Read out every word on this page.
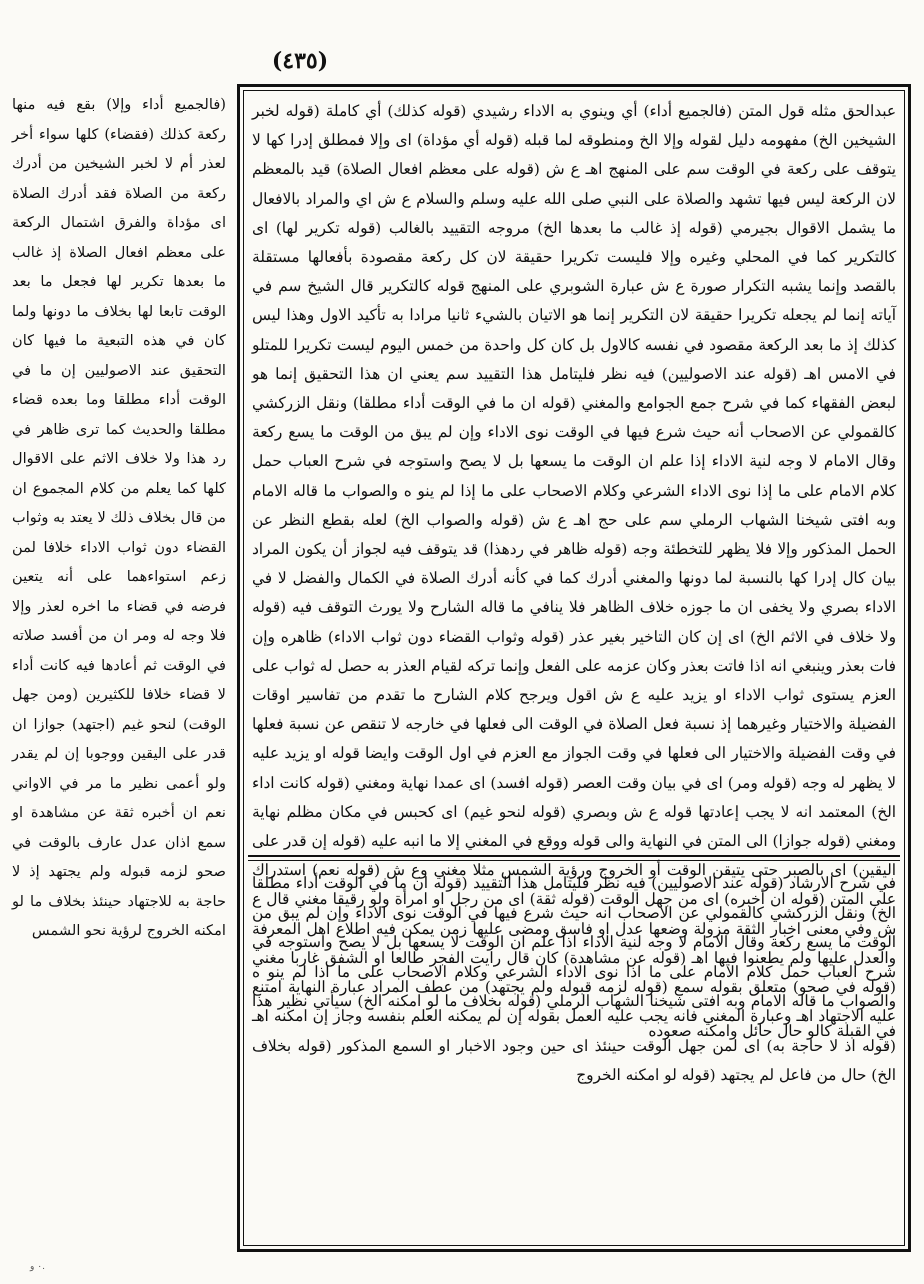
(٤٣٥)
عبدالحق مثله قول المتن (فالجميع أداء) أي وينوي به الاداء رشيدي (قوله كذلك) أي كاملة (قوله لخبر الشيخين الخ) مفهومه دليل لقوله وإلا الخ ومنطوقه لما قبله (قوله أي مؤداة) اى وإلا فمطلق إدرا كها لا يتوقف على ركعة في الوقت سم على المنهج اهـ ع ش (قوله على معظم افعال الصلاة) قيد بالمعظم لان الركعة ليس فيها تشهد والصلاة على النبي صلى الله عليه وسلم والسلام ع ش اي والمراد بالافعال ما يشمل الاقوال بجيرمي (قوله إذ غالب ما بعدها الخ) مروجه التقييد بالغالب (قوله تكرير لها) اى كالتكرير كما في المحلي وغيره وإلا فليست تكريرا حقيقة لان كل ركعة مقصودة بأفعالها مستقلة بالقصد وإنما يشبه التكرار صورة ع ش عبارة الشوبري على المنهج قوله كالتكرير قال الشيخ سم في آياته إنما لم يجعله تكريرا حقيقة لان التكرير إنما هو الاتيان بالشيء ثانيا مرادا به تأكيد الاول وهذا ليس كذلك إذ ما بعد الركعة مقصود في نفسه كالاول بل كان كل واحدة من خمس اليوم ليست تكريرا للمتلو في الامس اهـ (قوله عند الاصوليين) فيه نظر فليتامل هذا التقييد سم يعني ان هذا التحقيق إنما هو لبعض الفقهاء كما في شرح جمع الجوامع والمغني (قوله ان ما في الوقت أداء مطلقا) ونقل الزركشي كالقمولي عن الاصحاب أنه حيث شرع فيها في الوقت نوى الاداء وإن لم يبق من الوقت ما يسع ركعة وقال الامام لا وجه لنية الاداء إذا علم ان الوقت ما يسعها بل لا يصح واستوجه في شرح العباب حمل كلام الامام على ما إذا نوى الاداء الشرعي وكلام الاصحاب على ما إذا لم ينو ه والصواب ما قاله الامام وبه افتى شيخنا الشهاب الرملي سم على حج اهـ ع ش (قوله والصواب الخ) لعله بقطع النظر عن الحمل المذكور وإلا فلا يظهر للتخطئة وجه (قوله ظاهر في ردهذا) قد يتوقف فيه لجواز أن يكون المراد بيان كال إدرا كها بالنسبة لما دونها والمغني أدرك كما في كأنه أدرك الصلاة في الكمال والفضل لا في الاداء بصري ولا يخفى ان ما جوزه خلاف الظاهر فلا ينافي ما قاله الشارح ولا يورث التوقف فيه (قوله ولا خلاف في الاثم الخ) اى إن كان التاخير بغير عذر (قوله وثواب القضاء دون ثواب الاداء) ظاهره وإن فات بعذر وينبغي انه اذا فاتت بعذر وكان عزمه على الفعل وإنما تركه لقيام العذر به حصل له ثواب على العزم يستوى ثواب الاداء او يزيد عليه ع ش اقول ويرجح كلام الشارح ما تقدم من تفاسير اوقات الفضيلة والاختيار وغيرهما إذ نسبة فعل الصلاة في الوقت الى فعلها في خارجه لا تنقص عن نسبة فعلها في وقت الفضيلة والاختيار الى فعلها في وقت الجواز مع العزم في اول الوقت وايضا قوله او يزيد عليه لا يظهر له وجه (قوله ومر) اى في بيان وقت العصر (قوله افسد) اى عمدا نهاية ومغني (قوله كانت اداء الخ) المعتمد انه لا يجب إعادتها قوله ع ش وبصري (قوله لنحو غيم) اى كحبس في مكان مظلم نهاية ومغني (قوله جوازا) الى المتن في النهاية والى قوله ووقع في المغني إلا ما انبه عليه (قوله إن قدر على اليقين) اى بالصبر حتى يتيقن الوقت أو الخروج ورؤية الشمس مثلا مغني وع ش (قوله نعم) استدراك على المتن (قوله ان أخبره) اى من جهل الوقت (قوله ثقة) اى من رجل او امرأة ولو رقيقا مغني قال ع ش وفي معنى اخبار الثقة مزولة وضعها عدل او فاسق ومضى عليها زمن يمكن فيه اطلاع اهل المعرفة والعدل عليها ولم يطعنوا فيها اهـ (قوله عن مشاهدة) كان قال رايت الفجر طالعا او الشفق غاربا مغني (قوله في صحو) متعلق بقوله سمع (قوله لزمه قبوله ولم يجتهد) من عطف المراد عبارة النهاية امتنع عليه الاجتهاد اهـ وعبارة المغني فانه يجب عليه العمل بقوله إن لم يمكنه العلم بنفسه وجاز إن امكنه اهـ (قوله اذ لا حاجة به) اى لمن جهل الوقت حينئذ اى حين وجود الاخبار او السمع المذكور (قوله بخلاف الخ) حال من فاعل لم يجتهد (قوله لو امكنه الخروج
في شرح الارشاد (قوله عند الاصوليين) فيه نظر فليتامل هذا التقييد (قوله ان ما في الوقت أداء مطلقا الخ) ونقل الزركشي كالقمولي عن الاصحاب انه حيث شرع فيها في الوقت نوى الاداء وإن لم يبق من الوقت ما يسع ركعة وقال الامام لا وجه لنية الاداء اذا علم ان الوقت لا يسعها بل لا يصح واستوجه في شرح العباب حمل كلام الامام على ما اذا نوى الاداء الشرعي وكلام الاصحاب على ما اذا لم ينو ه والصواب ما قاله الامام وبه افتى شيخنا الشهاب الرملي (قوله بخلاف ما لو امكنه الخ) سيأتي نظير هذا في القبلة كالو حال حائل وامكنه صعوده
(فالجميع أداء وإلا) بقع فيه منها ركعة كذلك (فقضاء) كلها سواء أخر لعذر أم لا لخبر الشيخين من أدرك ركعة من الصلاة فقد أدرك الصلاة اى مؤداة والفرق اشتمال الركعة على معظم افعال الصلاة إذ غالب ما بعدها تكرير لها فجعل ما بعد الوقت تابعا لها بخلاف ما دونها ولما كان في هذه التبعية ما فيها كان التحقيق عند الاصوليين إن ما في الوقت أداء مطلقا وما بعده قضاء مطلقا والحديث كما ترى ظاهر في رد هذا ولا خلاف الاثم على الاقوال كلها كما يعلم من كلام المجموع ان من قال بخلاف ذلك لا يعتد به وثواب القضاء دون ثواب الاداء خلافا لمن زعم استواءهما على أنه يتعين فرضه في قضاء ما اخره لعذر وإلا فلا وجه له ومر ان من أفسد صلاته في الوقت ثم أعادها فيه كانت أداء لا قضاء خلافا للكثيرين (ومن جهل الوقت) لنحو غيم (اجتهد) جوازا ان قدر على اليقين ووجوبا إن لم يقدر ولو أعمى نظير ما مر في الاواني نعم ان أخبره ثقة عن مشاهدة او سمع اذان عدل عارف بالوقت في صحو لزمه قبوله ولم يجتهد إذ لا حاجة به للاجتهاد حينئذ بخلاف ما لو امكنه الخروج لرؤية نحو الشمس
٠ و.
